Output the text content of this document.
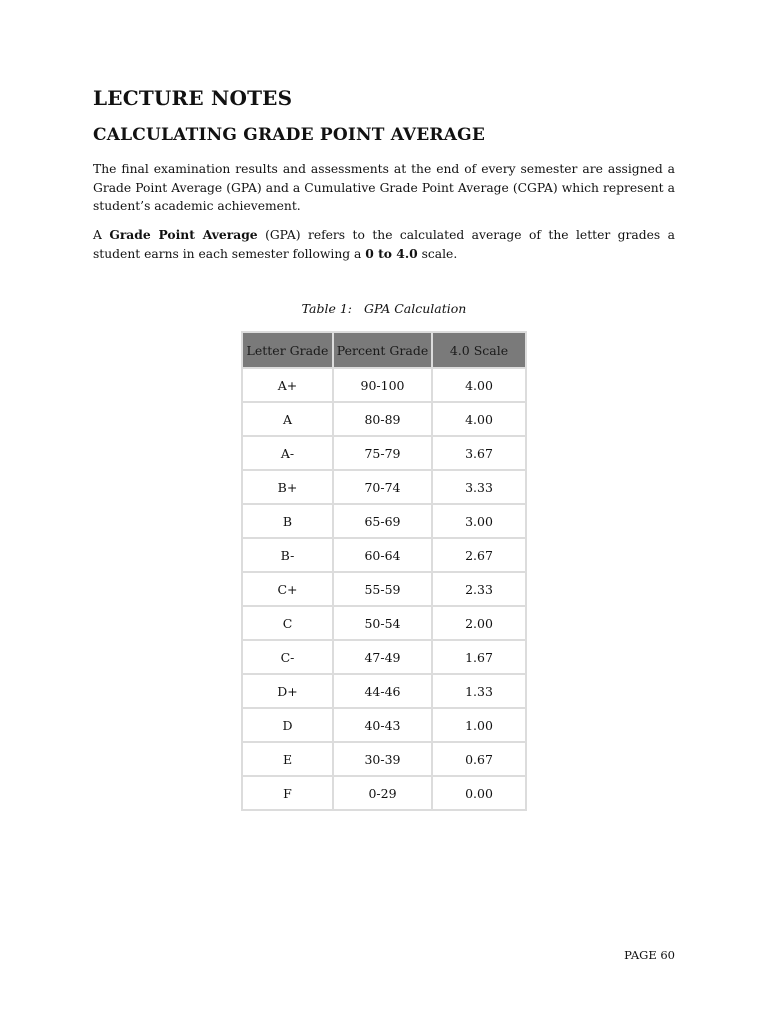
LECTURE NOTES
CALCULATING GRADE POINT AVERAGE

The final examination results and assessments at the end of every semester are assigned a Grade Point Average (GPA) and a Cumulative Grade Point Average (CGPA) which represent a student’s academic achievement.

A Grade Point Average (GPA) refers to the calculated average of the letter grades a student earns in each semester following a 0 to 4.0 scale.

Table 1: GPA Calculation
Letter Grade	Percent Grade	4.0 Scale
A+	90-100	4.00
A	80-89	4.00
A-	75-79	3.67
B+	70-74	3.33
B	65-69	3.00
B-	60-64	2.67
C+	55-59	2.33
C	50-54	2.00
C-	47-49	1.67
D+	44-46	1.33
D	40-43	1.00
E	30-39	0.67
F	0-29	0.00
PAGE 60
